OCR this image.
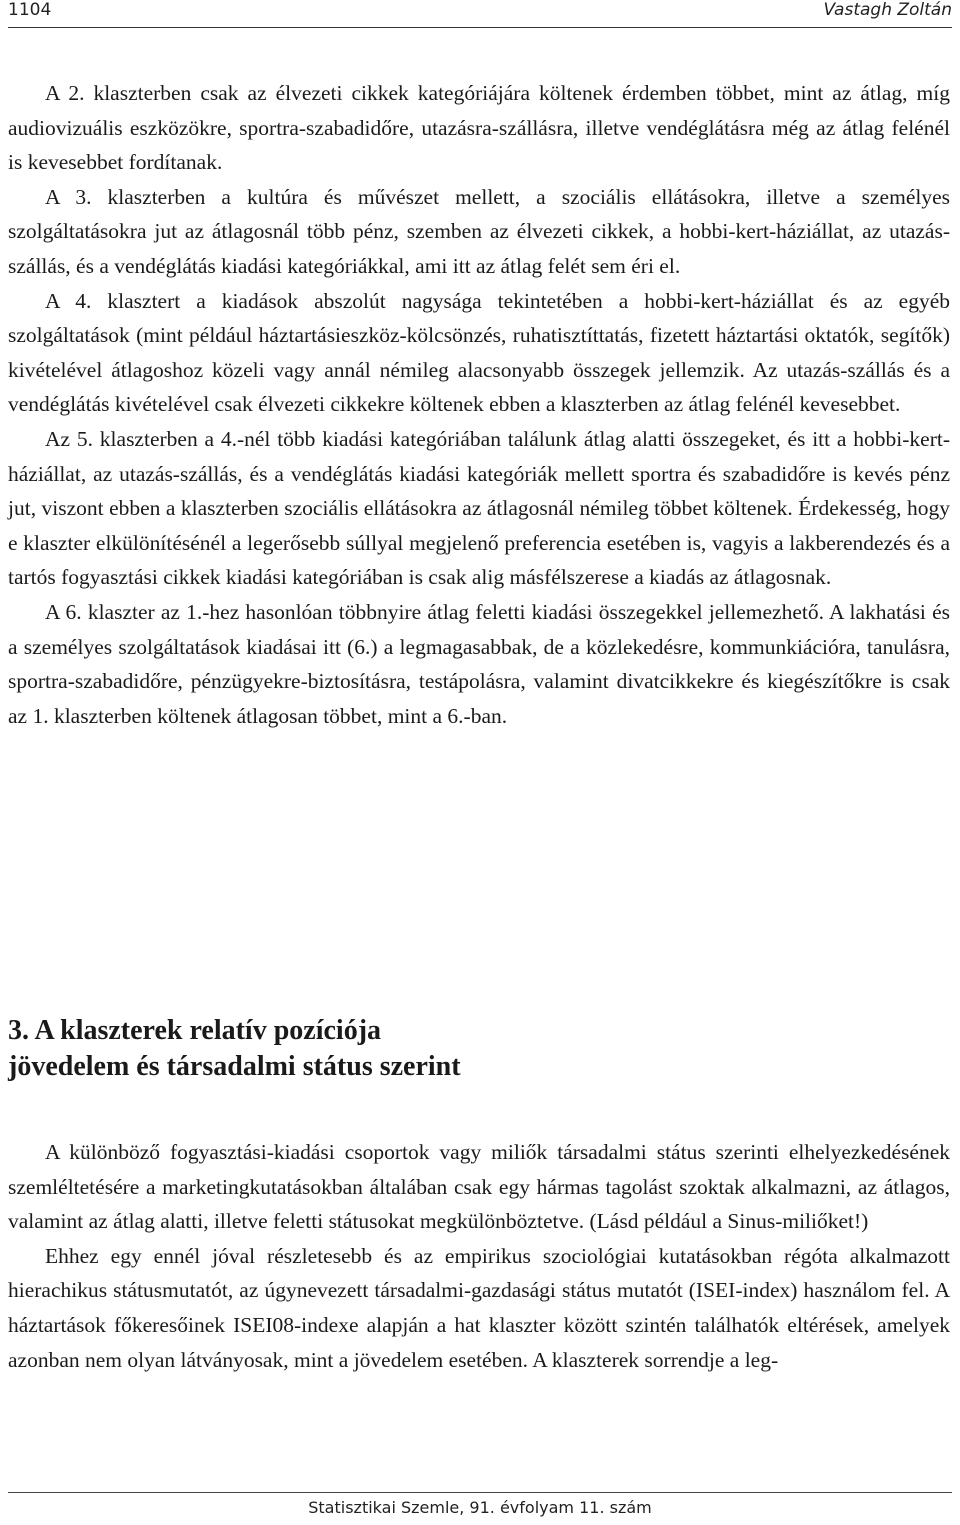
1104	Vastagh Zoltán

A 2. klaszterben csak az élvezeti cikkek kategóriájára költenek érdemben többet, mint az átlag, míg audiovizuális eszközökre, sportra-szabadidőre, utazásra-szállásra, illetve vendéglátásra még az átlag felénél is kevesebbet fordítanak.

A 3. klaszterben a kultúra és művészet mellett, a szociális ellátásokra, illetve a személyes szolgáltatásokra jut az átlagosnál több pénz, szemben az élvezeti cikkek, a hobbi-kert-háziállat, az utazás-szállás, és a vendéglátás kiadási kategóriákkal, ami itt az átlag felét sem éri el.

A 4. klasztert a kiadások abszolút nagysága tekintetében a hobbi-kert-háziállat és az egyéb szolgáltatások (mint például háztartásieszköz-kölcsönzés, ruhatisztíttatás, fizetett háztartási oktatók, segítők) kivételével átlagoshoz közeli vagy annál némileg alacsonyabb összegek jellemzik. Az utazás-szállás és a vendéglátás kivételével csak élvezeti cikkekre költenek ebben a klaszterben az átlag felénél kevesebbet.

Az 5. klaszterben a 4.-nél több kiadási kategóriában találunk átlag alatti összegeket, és itt a hobbi-kert-háziállat, az utazás-szállás, és a vendéglátás kiadási kategóriák mellett sportra és szabadidőre is kevés pénz jut, viszont ebben a klaszterben szociális ellátásokra az átlagosnál némileg többet költenek. Érdekesség, hogy e klaszter elkülönítésénél a legerősebb súllyal megjelenő preferencia esetében is, vagyis a lakberendezés és a tartós fogyasztási cikkek kiadási kategóriában is csak alig másfélszerese a kiadás az átlagosnak.

A 6. klaszter az 1.-hez hasonlóan többnyire átlag feletti kiadási összegekkel jellemezhető. A lakhatási és a személyes szolgáltatások kiadásai itt (6.) a legmagasabbak, de a közlekedésre, kommunkiációra, tanulásra, sportra-szabadidőre, pénzügyekre-biztosításra, testápolásra, valamint divatcikkekre és kiegészítőkre is csak az 1. klaszterben költenek átlagosan többet, mint a 6.-ban.

3. A klaszterek relatív pozíciója
jövedelem és társadalmi státus szerint

A különböző fogyasztási-kiadási csoportok vagy miliők társadalmi státus szerinti elhelyezkedésének szemléltetésére a marketingkutatásokban általában csak egy hármas tagolást szoktak alkalmazni, az átlagos, valamint az átlag alatti, illetve feletti státusokat megkülönböztetve. (Lásd például a Sinus-miliőket!)

Ehhez egy ennél jóval részletesebb és az empirikus szociológiai kutatásokban régóta alkalmazott hierachikus státusmutatót, az úgynevezett társadalmi-gazdasági státus mutatót (ISEI-index) használom fel. A háztartások főkeresőinek ISEI08-indexe alapján a hat klaszter között szintén találhatók eltérések, amelyek azonban nem olyan látványosak, mint a jövedelem esetében. A klaszterek sorrendje a leg-

Statisztikai Szemle, 91. évfolyam 11. szám
